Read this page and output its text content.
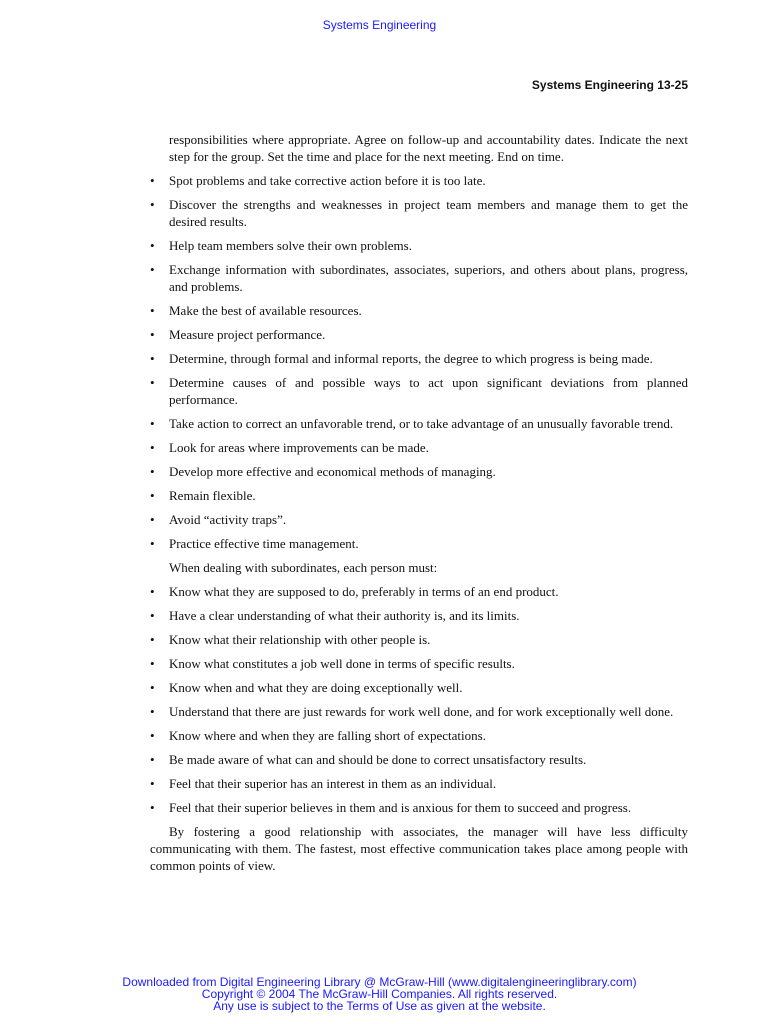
Systems Engineering
Systems Engineering 13-25

responsibilities where appropriate. Agree on follow-up and accountability dates. Indicate the next step for the group. Set the time and place for the next meeting. End on time.

• Spot problems and take corrective action before it is too late.
• Discover the strengths and weaknesses in project team members and manage them to get the desired results.
• Help team members solve their own problems.
• Exchange information with subordinates, associates, superiors, and others about plans, progress, and problems.
• Make the best of available resources.
• Measure project performance.
• Determine, through formal and informal reports, the degree to which progress is being made.
• Determine causes of and possible ways to act upon significant deviations from planned performance.
• Take action to correct an unfavorable trend, or to take advantage of an unusually favorable trend.
• Look for areas where improvements can be made.
• Develop more effective and economical methods of managing.
• Remain flexible.
• Avoid “activity traps”.
• Practice effective time management.

When dealing with subordinates, each person must:

• Know what they are supposed to do, preferably in terms of an end product.
• Have a clear understanding of what their authority is, and its limits.
• Know what their relationship with other people is.
• Know what constitutes a job well done in terms of specific results.
• Know when and what they are doing exceptionally well.
• Understand that there are just rewards for work well done, and for work exceptionally well done.
• Know where and when they are falling short of expectations.
• Be made aware of what can and should be done to correct unsatisfactory results.
• Feel that their superior has an interest in them as an individual.
• Feel that their superior believes in them and is anxious for them to succeed and progress.

By fostering a good relationship with associates, the manager will have less difficulty communicating with them. The fastest, most effective communication takes place among people with common points of view.

Downloaded from Digital Engineering Library @ McGraw-Hill (www.digitalengineeringlibrary.com)
Copyright © 2004 The McGraw-Hill Companies. All rights reserved.
Any use is subject to the Terms of Use as given at the website.
